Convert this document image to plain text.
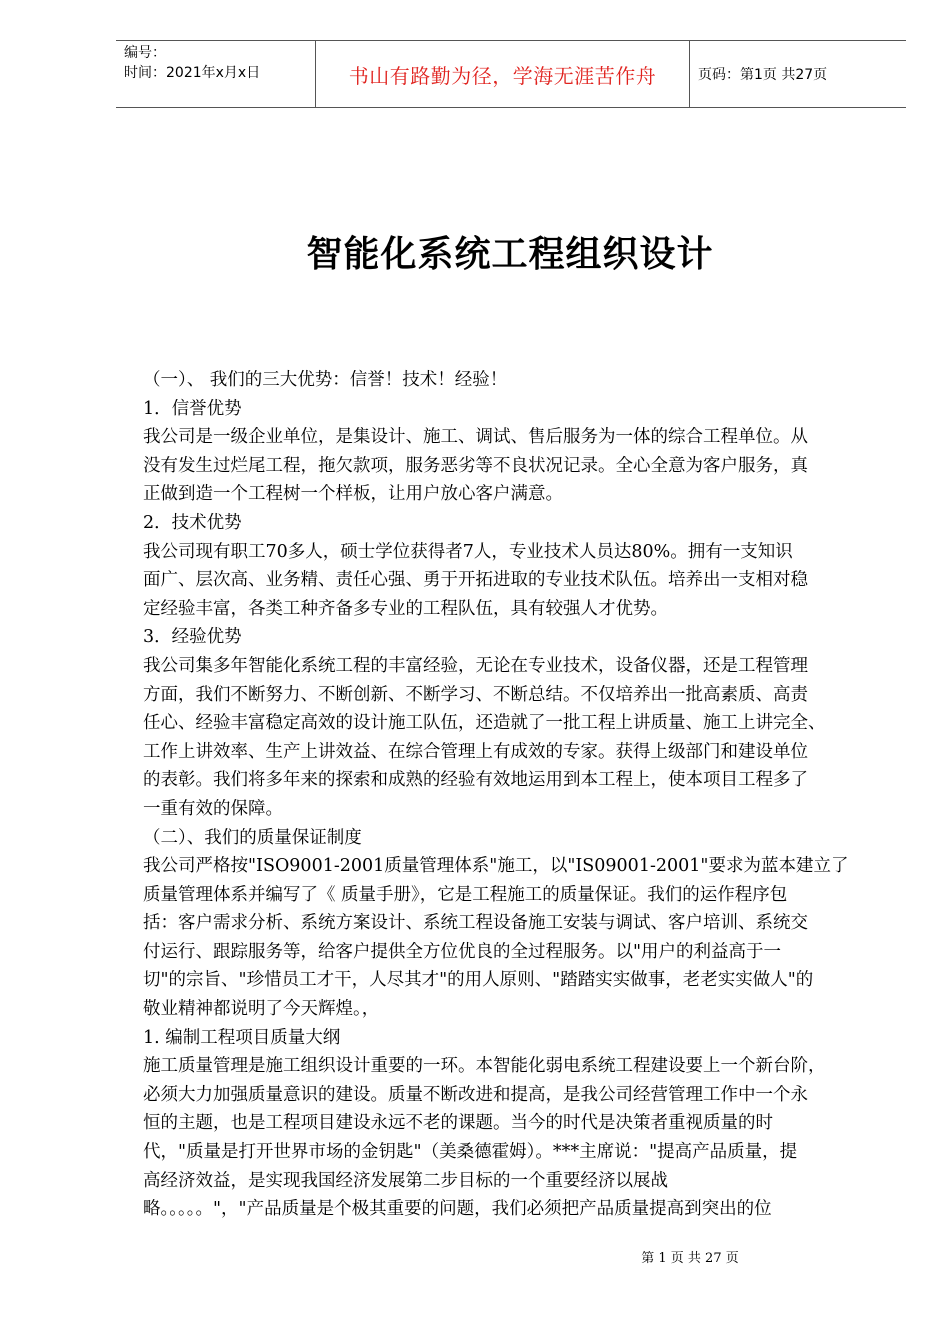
编号：
时间：2021年x月x日	书山有路勤为径，学海无涯苦作舟	页码：第1页 共27页
智能化系统工程组织设计
（一）、 我们的三大优势：信誉！技术！经验！
1．信誉优势
我公司是一级企业单位，是集设计、施工、调试、售后服务为一体的综合工程单位。从
没有发生过烂尾工程，拖欠款项，服务恶劣等不良状况记录。全心全意为客户服务，真
正做到造一个工程树一个样板，让用户放心客户满意。
2．技术优势
我公司现有职工70多人，硕士学位获得者7人，专业技术人员达80%。拥有一支知识
面广、层次高、业务精、责任心强、勇于开拓进取的专业技术队伍。培养出一支相对稳
定经验丰富，各类工种齐备多专业的工程队伍，具有较强人才优势。
3．经验优势
我公司集多年智能化系统工程的丰富经验，无论在专业技术，设备仪器，还是工程管理
方面，我们不断努力、不断创新、不断学习、不断总结。不仅培养出一批高素质、高责
任心、经验丰富稳定高效的设计施工队伍，还造就了一批工程上讲质量、施工上讲完全、
工作上讲效率、生产上讲效益、在综合管理上有成效的专家。获得上级部门和建设单位
的表彰。我们将多年来的探索和成熟的经验有效地运用到本工程上，使本项目工程多了
一重有效的保障。
（二）、我们的质量保证制度
我公司严格按"ISO9001-2001质量管理体系"施工，以"IS09001-2001"要求为蓝本建立了
质量管理体系并编写了《 质量手册》，它是工程施工的质量保证。我们的运作程序包
括：客户需求分析、系统方案设计、系统工程设备施工安装与调试、客户培训、系统交
付运行、跟踪服务等，给客户提供全方位优良的全过程服务。以"用户的利益高于一
切"的宗旨、"珍惜员工才干，人尽其才"的用人原则、"踏踏实实做事，老老实实做人"的
敬业精神都说明了今天辉煌。，
1. 编制工程项目质量大纲
施工质量管理是施工组织设计重要的一环。本智能化弱电系统工程建设要上一个新台阶，
必须大力加强质量意识的建设。质量不断改进和提高，是我公司经营管理工作中一个永
恒的主题，也是工程项目建设永远不老的课题。当今的时代是决策者重视质量的时
代，"质量是打开世界市场的金钥匙"（美桑德霍姆）。***主席说："提高产品质量，提
高经济效益，是实现我国经济发展第二步目标的一个重要经济以展战
略。。。。。"，"产品质量是个极其重要的问题，我们必须把产品质量提高到突出的位
第 1 页 共 27 页
